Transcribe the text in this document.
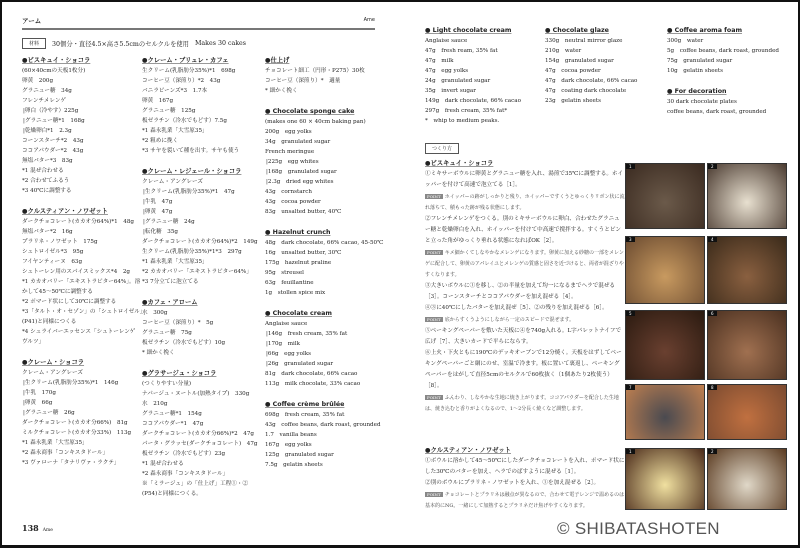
アーム	Ame
材料	30個分・直径4.5×高さ5.5cmのセルクルを使用 Makes 30 cakes
●ビスキュイ・ショコラ
(60×40cmの天板1枚分)
卵黄　200g
グラニュー糖　34g
フレンチメレンゲ
|卵白（冷やす）225g
|グラニュー糖*1　168g
|乾燥卵白*1　2.3g
コーンスターチ*2　43g
ココアパウダー*2　43g
無塩バター*3　83g
*1 混ぜ合わせる
*2 合わせてふるう
*3 40℃に調整する
●クルスティアン・ノワゼット
ダークチョコレート(カカオ分64%)*1　48g
無塩バター*2　16g
プラリネ・ノワゼット　175g
シュトロイゼル*3　95g
フイヤンティーヌ　63g
シュトーレン用のスパイスミックス*4　2g
*1 カカオバリー「エキストラビター64%」。溶
かして45～50℃に調整する
*2 ポマード状にして30℃に調整する
*3「タルト・オ・セゾン」の「シュトロイゼル」
(P41)と同様につくる
*4 シュライバーエッセンス「シュトーレンゲ
ヴルツ」
●クレーム・ショコラ
クレーム・アングレーズ
|生クリーム(乳脂肪分35%)*1　146g
|牛乳　170g
|卵黄　66g
|グラニュー糖　26g
ダークチョコレート(カカオ分66%)　81g
ミルクチョコレート(カカオ分33%)　113g
*1 森永乳業「大雪原35」
*2 森永商事「コンキスタドール」
*3 ヴァローナ「タナリヴァ・ラクテ」
●クレーム・ブリュレ・カフェ
生クリーム(乳脂肪分35%)*1　698g
コーヒー豆（深煎り）*2　43g
バニラビーンズ*3　1.7本
卵黄　167g
グラニュー糖　125g
板ゼラチン（冷水でもどす）7.5g
*1 森永乳業「大雪原35」
*2 粗めに挽く
*3 サヤを裂いて種を出す。サヤも使う
●クレーム・レジェール・ショコラ
クレーム・アングレーズ
|生クリーム(乳脂肪分35%)*1　47g
|牛乳　47g
|卵黄　47g
|グラニュー糖　24g
|転化糖　35g
ダークチョコレート(カカオ分64%)*2　149g
生クリーム(乳脂肪分35%)*1*3　297g
*1 森永乳業「大雪原35」
*2 カカオバリー「エキストラビター64%」
*3 7分立てに泡立てる
●カフェ・アローム
水　300g
コーヒー豆（深煎り）*　5g
グラニュー糖　75g
板ゼラチン（冷水でもどす）10g
* 細かく挽く
●グラサージュ・ショコラ
(つくりやすい分量)
ナパージュ・ヌートル(加熱タイプ)　330g
水　210g
グラニュー糖*1　154g
ココアパウダー*1　47g
ダークチョコレート(カカオ分66%)*2　47g
パータ・グラッセ(ダークチョコレート)　47g
板ゼラチン（冷水でもどす）23g
*1 混ぜ合わせる
*2 森永商事「コンキスタドール」
※「ミラージュ」の「仕上げ」工程①・②
(P54)と同様につくる。
●仕上げ
チョコレート細工（円形・P275）30枚
コーヒー豆（深煎り）*　適量
* 細かく挽く
● Chocolate sponge cake
(makes one 60 × 40cm baking pan)
200g　egg yolks
34g　granulated sugar
French meringue
|225g　egg whites
|168g　granulated sugar
|2.3g　dried egg whites
43g　cornstarch
43g　cocoa powder
83g　unsalted butter, 40℃
● Hazelnut crunch
48g　dark chocolate, 66% cacao, 45-50℃
16g　unsalted butter, 30℃
175g　hazelnut praline
95g　streusel
63g　feuillantine
1g　stollen spice mix
● Chocolate cream
Anglaise sauce
|146g　fresh cream, 35% fat
|170g　milk
|66g　egg yolks
|26g　granulated sugar
81g　dark chocolate, 66% cacao
113g　milk chocolate, 33% cacao
● Coffee crème brûlée
698g　fresh cream, 35% fat
43g　coffee beans, dark roast, grounded
1.7　vanilla beans
167g　egg yolks
125g　granulated sugar
7.5g　gelatin sheets
138 Ame
● Light chocolate cream
Anglaise sauce
47g　fresh ream, 35% fat
47g　milk
47g　egg yolks
24g　granulated sugar
35g　invert sugar
149g　dark chocolate, 66% cacao
297g　fresh cream, 35% fat*
*　whip to medium peaks.
● Chocolate glaze
330g　neutral mirror glaze
210g　water
154g　granulated sugar
47g　cocoa powder
47g　dark chocolate, 66% cacao
47g　coating dark chocolate
23g　gelatin sheets
● Coffee aroma foam
300g　water
5g　coffee beans, dark roast, grounded
75g　granulated sugar
10g　gelatin sheets
● For decoration
30 dark chocolate plates
coffee beans, dark roast, grounded
つくり方
●ビスキュイ・ショコラ

①ミキサーボウルに卵黄とグラニュー糖を入れ、湯煎で35℃に調整する。ホイッパーを付けて高速で泡立てる［1］。

POINT ホイッパーの跡がしっかりと残り、ホイッパーですくうとゆっくりリボン状に流れ落ちて、積もった跡が残る状態にします。

②フレンチメレンゲをつくる。別のミキサーボウルに卵白、合わせたグラニュー糖と乾燥卵白を入れ、ホイッパーを付けて中高速で撹拌する。すくうとピンと立った角がゆっくり垂れる状態になればOK［2］。

POINT キメ細かくてしなやかなメレンゲになります。卵黄に加える砂糖の一部をメレンゲに配合して、卵黄のアパレイユとメレンゲの質感と固さを近づけると、両者が混ざりやすくなります。

③大きいボウルに①を移し、②の半量を加えて均一になるまでヘラで混ぜる［3］。コーンスターチとココアパウダーを加え混ぜる［4］。

④③に40℃にしたバターを加え混ぜ［5］、②の残りを加え混ぜる［6］。

POINT 底からすくうようにしながら一定のスピードで混ぜます。

⑤ベーキングペーパーを敷いた天板に④を740g入れる。L字パレットナイフで広げ［7］、大きいカードで平らにならす。

⑥上火・下火ともに190℃のデッキオーブンで12分焼く。天板をはずしてベーキングペーパーごと網にのせ、室温で冷ます。板に置いて裏返し、ベーキングペーパーをはがして直径5cmのセルクルで60枚抜く（1個あたり2枚使う）［8］。

POINT ふんわり、しなやかな生地に焼き上がります。ココアパウダーを配合した生地は、焼き込むと香りがよくなるので、1～2分長く焼くなど調整します。

●クルスティアン・ノワゼット

①ボウルに溶かして45～50℃にしたダークチョコレートを入れ、ポマード状にした30℃のバターを加え、ヘラでのばすように混ぜる［1］。

②別のボウルにプラリネ・ノワゼットを入れ、①を加え混ぜる［2］。

POINT チョコレートとプラリネは融点が異なるので、合わせて電子レンジで温めるのは基本的にNG。一緒にして加熱するとプラリネだけ焦げやすくなります。

1	2
3	4
5	6
7	8
1	2
© SHIBATASHOTEN
